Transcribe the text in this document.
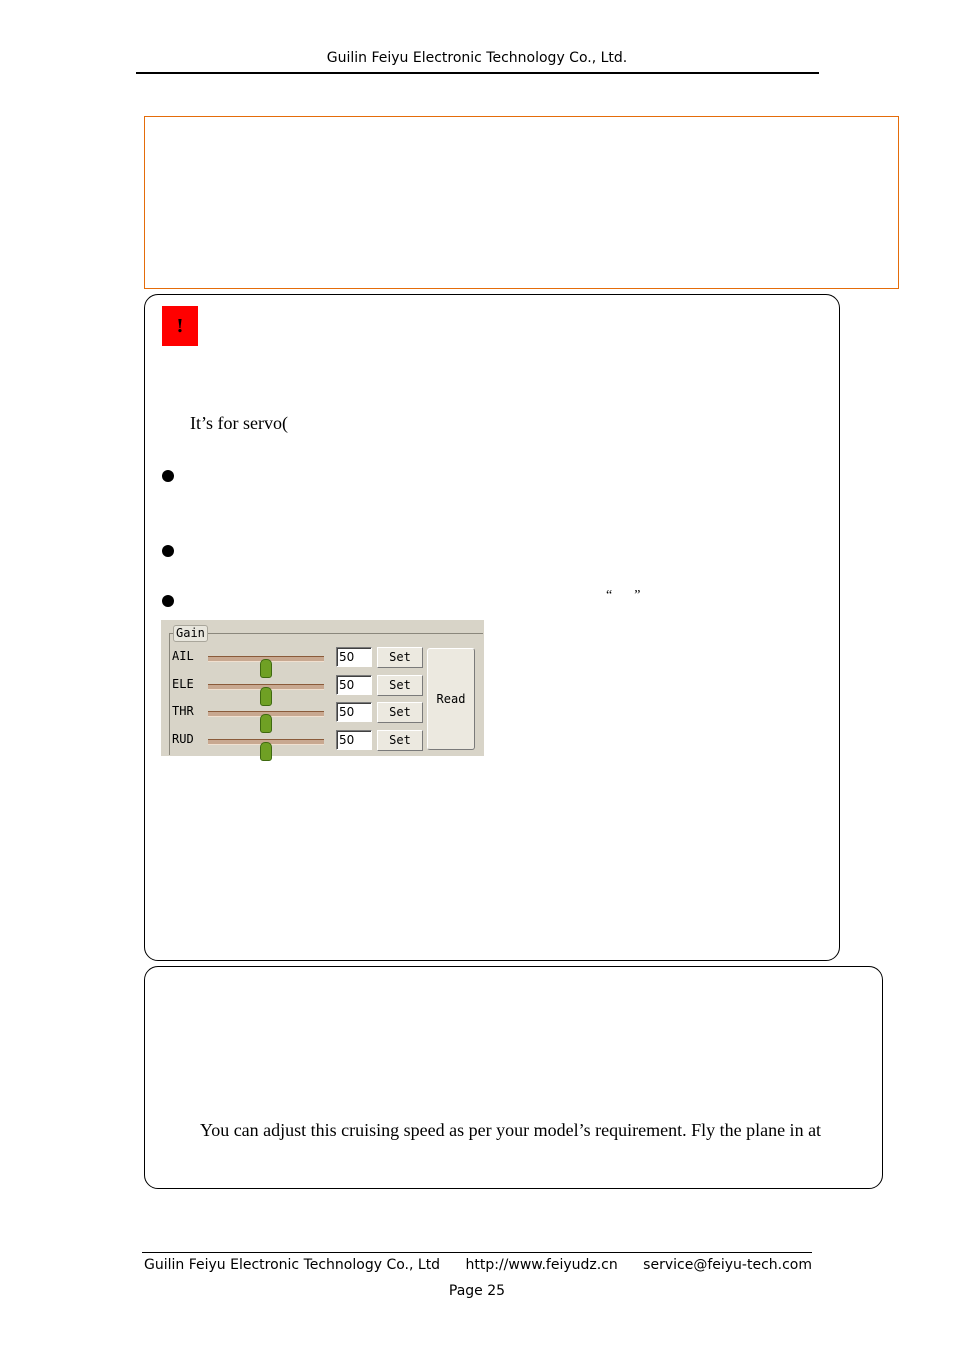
Guilin Feiyu Electronic Technology Co., Ltd.
!
It’s for servo(
“ ”
Gain
AIL	50	Set
ELE	50	Set
THR	50	Set
RUD	50	Set
Read
You can adjust this cruising speed as per your model’s requirement. Fly the plane in at
Guilin Feiyu Electronic Technology Co., Ltd http://www.feiyudz.cn service@feiyu-tech.com
Page 25
